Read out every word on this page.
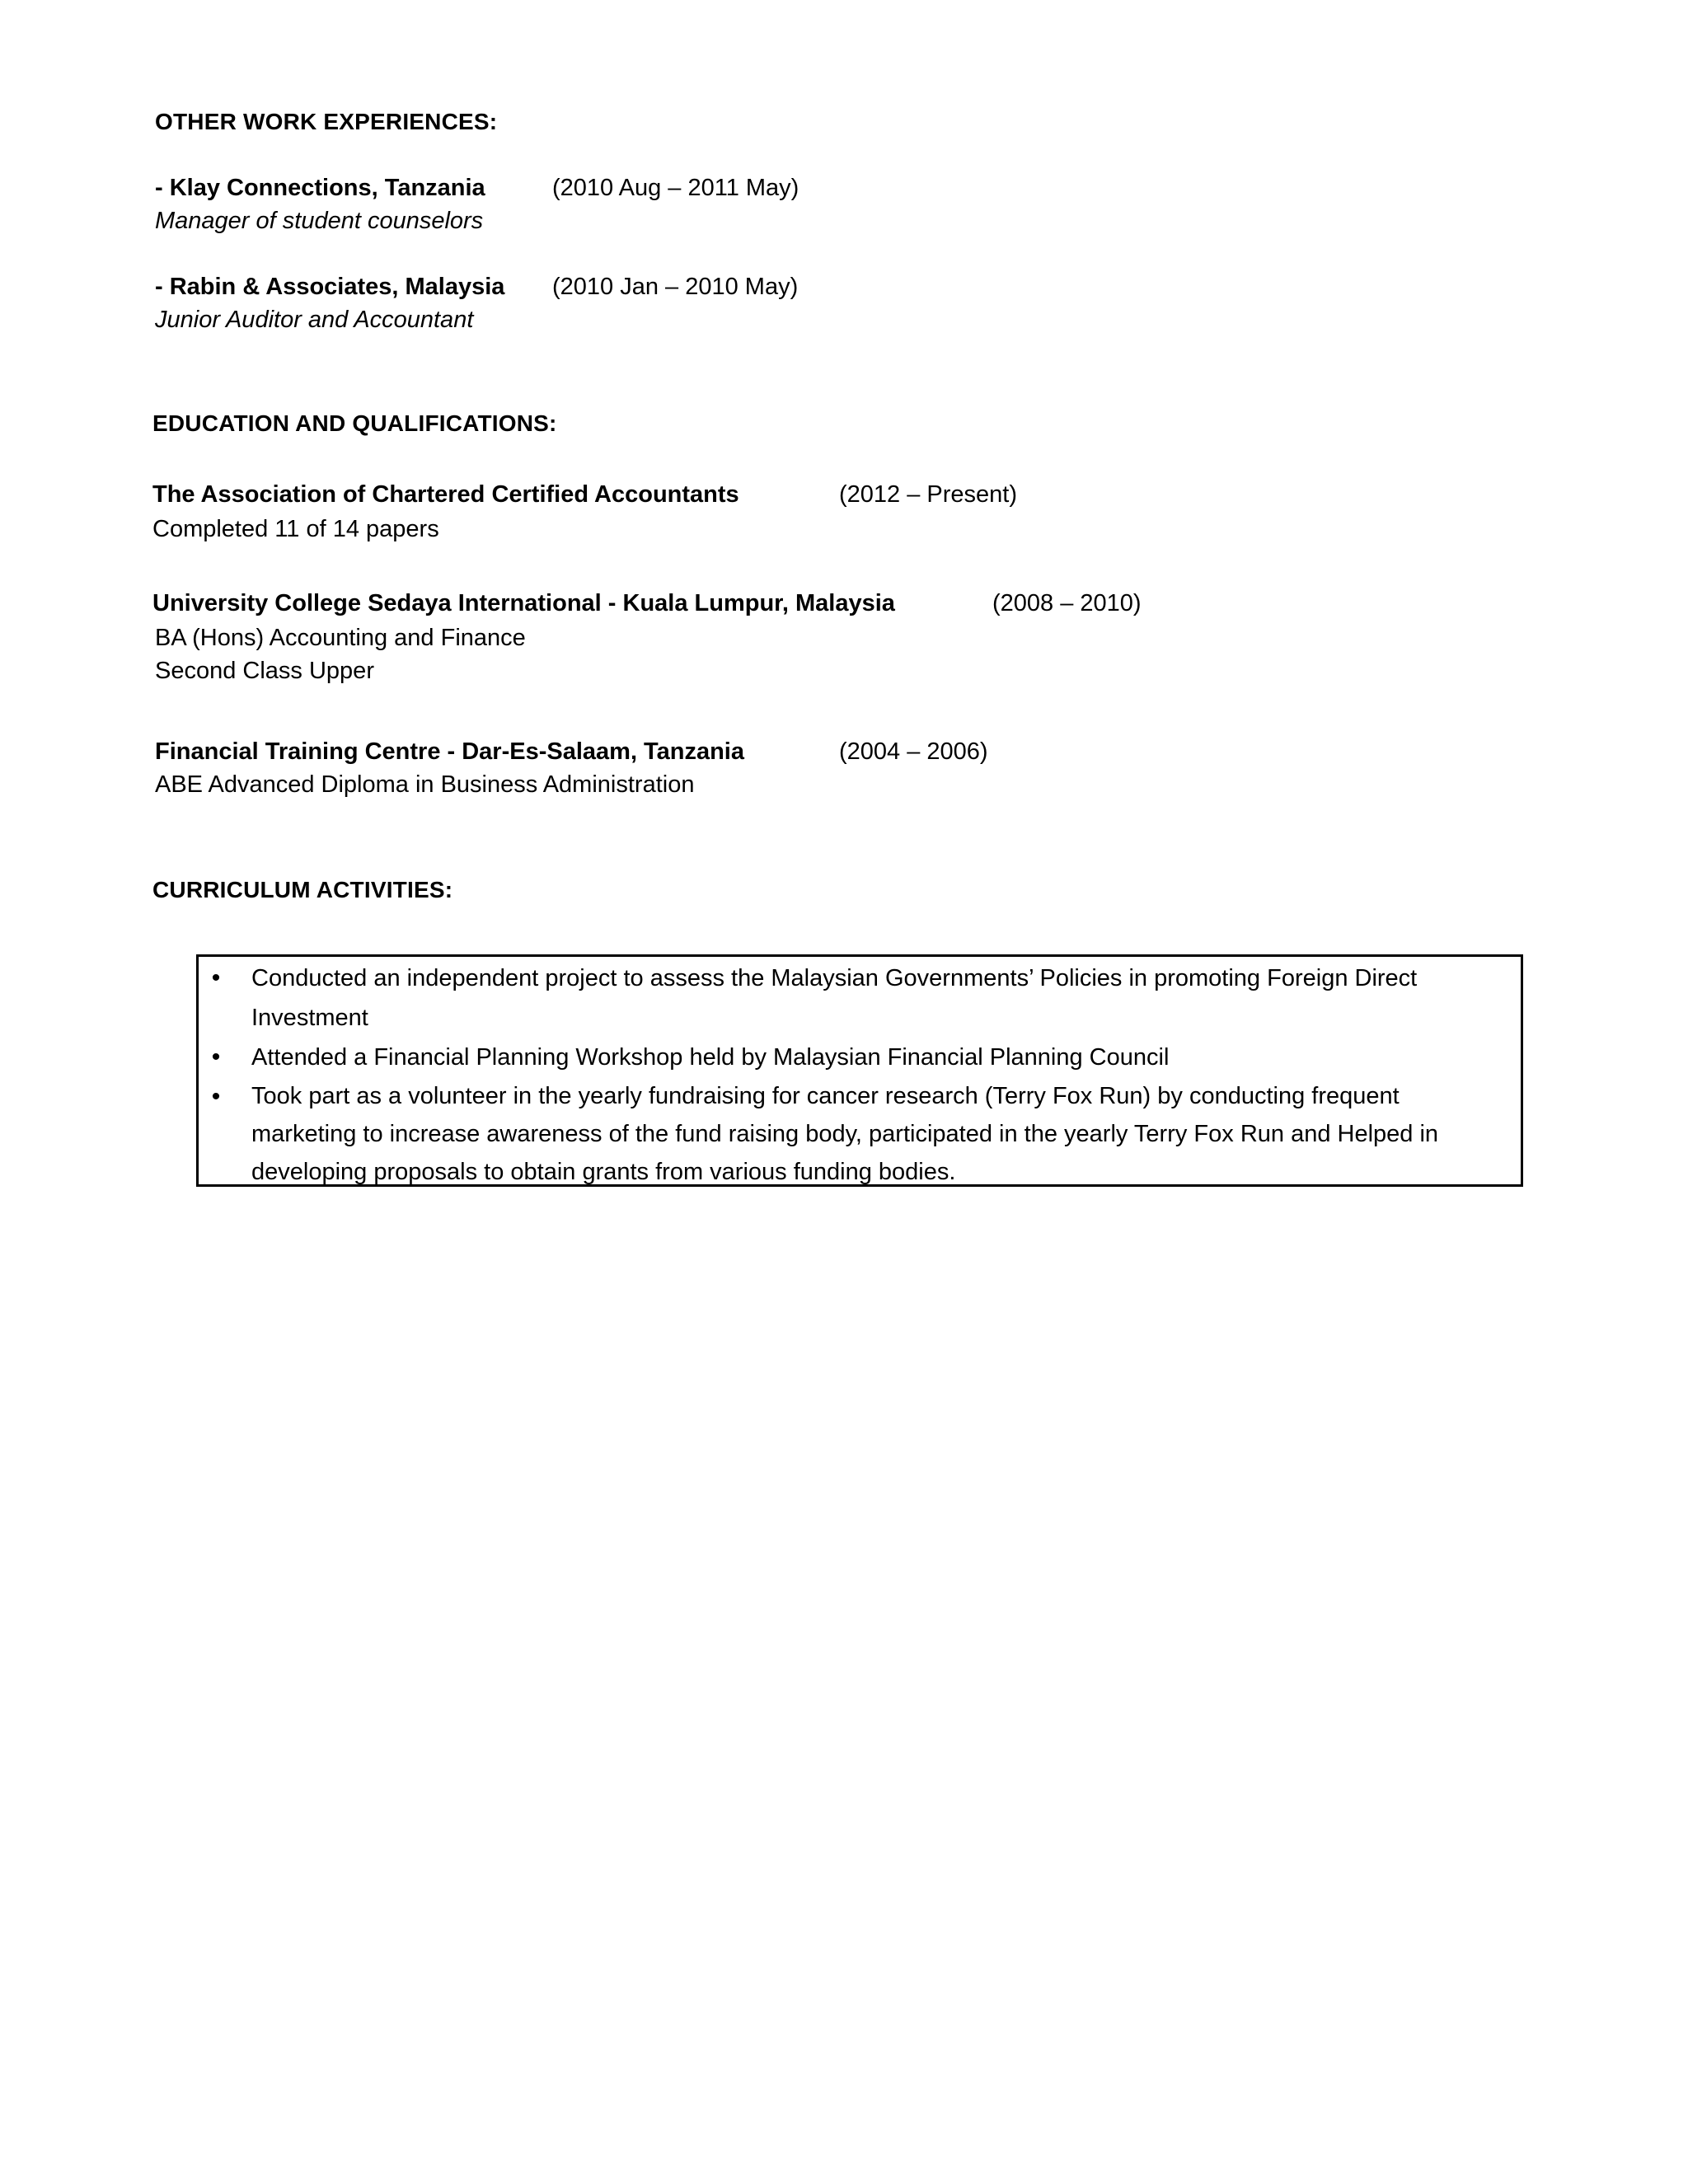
OTHER WORK EXPERIENCES:
- Klay Connections, Tanzania	(2010 Aug – 2011 May)
Manager of student counselors
- Rabin & Associates, Malaysia (2010 Jan – 2010 May)
Junior Auditor and Accountant
EDUCATION AND QUALIFICATIONS:
The Association of Chartered Certified Accountants	(2012 – Present)
Completed 11 of 14 papers
University College Sedaya International - Kuala Lumpur, Malaysia	(2008 – 2010)
BA (Hons) Accounting and Finance
Second Class Upper
Financial Training Centre - Dar-Es-Salaam, Tanzania	(2004 – 2006)
ABE Advanced Diploma in Business Administration
CURRICULUM ACTIVITIES:
•	Conducted an independent project to assess the Malaysian Governments’ Policies in promoting Foreign Direct Investment
•	Attended a Financial Planning Workshop held by Malaysian Financial Planning Council
•	Took part as a volunteer in the yearly fundraising for cancer research (Terry Fox Run) by conducting frequent marketing to increase awareness of the fund raising body, participated in the yearly Terry Fox Run and Helped in developing proposals to obtain grants from various funding bodies.
